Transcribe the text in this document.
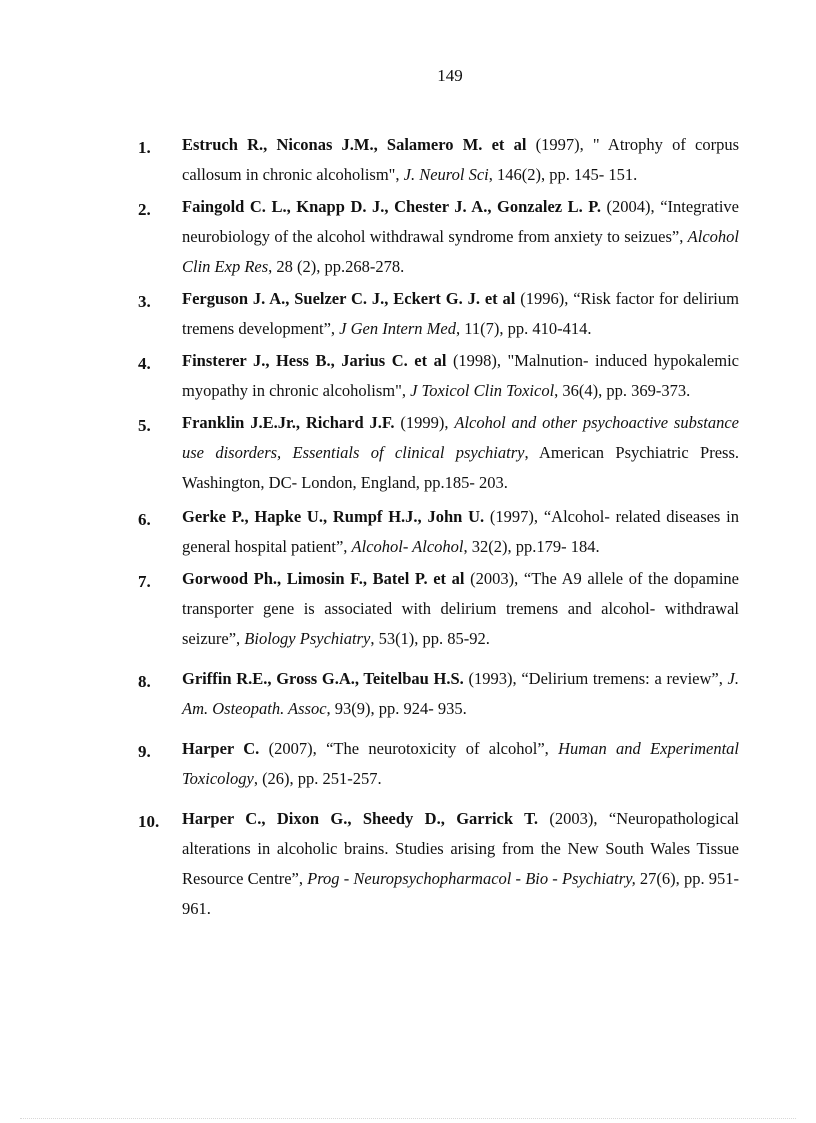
149
1. Estruch R., Niconas J.M., Salamero M. et al (1997), " Atrophy of corpus callosum in chronic alcoholism", J. Neurol Sci, 146(2), pp. 145- 151.
2. Faingold C. L., Knapp D. J., Chester J. A., Gonzalez L. P. (2004), “Integrative neurobiology of the alcohol withdrawal syndrome from anxiety to seizues”, Alcohol Clin Exp Res, 28 (2), pp.268-278.
3. Ferguson J. A., Suelzer C. J., Eckert G. J. et al (1996), “Risk factor for delirium tremens development”, J Gen Intern Med, 11(7), pp. 410-414.
4. Finsterer J., Hess B., Jarius C. et al (1998), "Malnution- induced hypokalemic myopathy in chronic alcoholism", J Toxicol Clin Toxicol, 36(4), pp. 369-373.
5. Franklin J.E.Jr., Richard J.F. (1999), Alcohol and other psychoactive substance use disorders, Essentials of clinical psychiatry, American Psychiatric Press. Washington, DC- London, England, pp.185- 203.
6. Gerke P., Hapke U., Rumpf H.J., John U. (1997), “Alcohol- related diseases in general hospital patient”, Alcohol- Alcohol, 32(2), pp.179- 184.
7. Gorwood Ph., Limosin F., Batel P. et al (2003), “The A9 allele of the dopamine transporter gene is associated with delirium tremens and alcohol- withdrawal seizure”, Biology Psychiatry, 53(1), pp. 85-92.
8. Griffin R.E., Gross G.A., Teitelbau H.S. (1993), “Delirium tremens: a review”, J. Am. Osteopath. Assoc, 93(9), pp. 924- 935.
9. Harper C. (2007), “The neurotoxicity of alcohol”, Human and Experimental Toxicology, (26), pp. 251-257.
10. Harper C., Dixon G., Sheedy D., Garrick T. (2003), “Neuropathological alterations in alcoholic brains. Studies arising from the New South Wales Tissue Resource Centre”, Prog - Neuropsychopharmacol - Bio - Psychiatry, 27(6), pp. 951-961.
